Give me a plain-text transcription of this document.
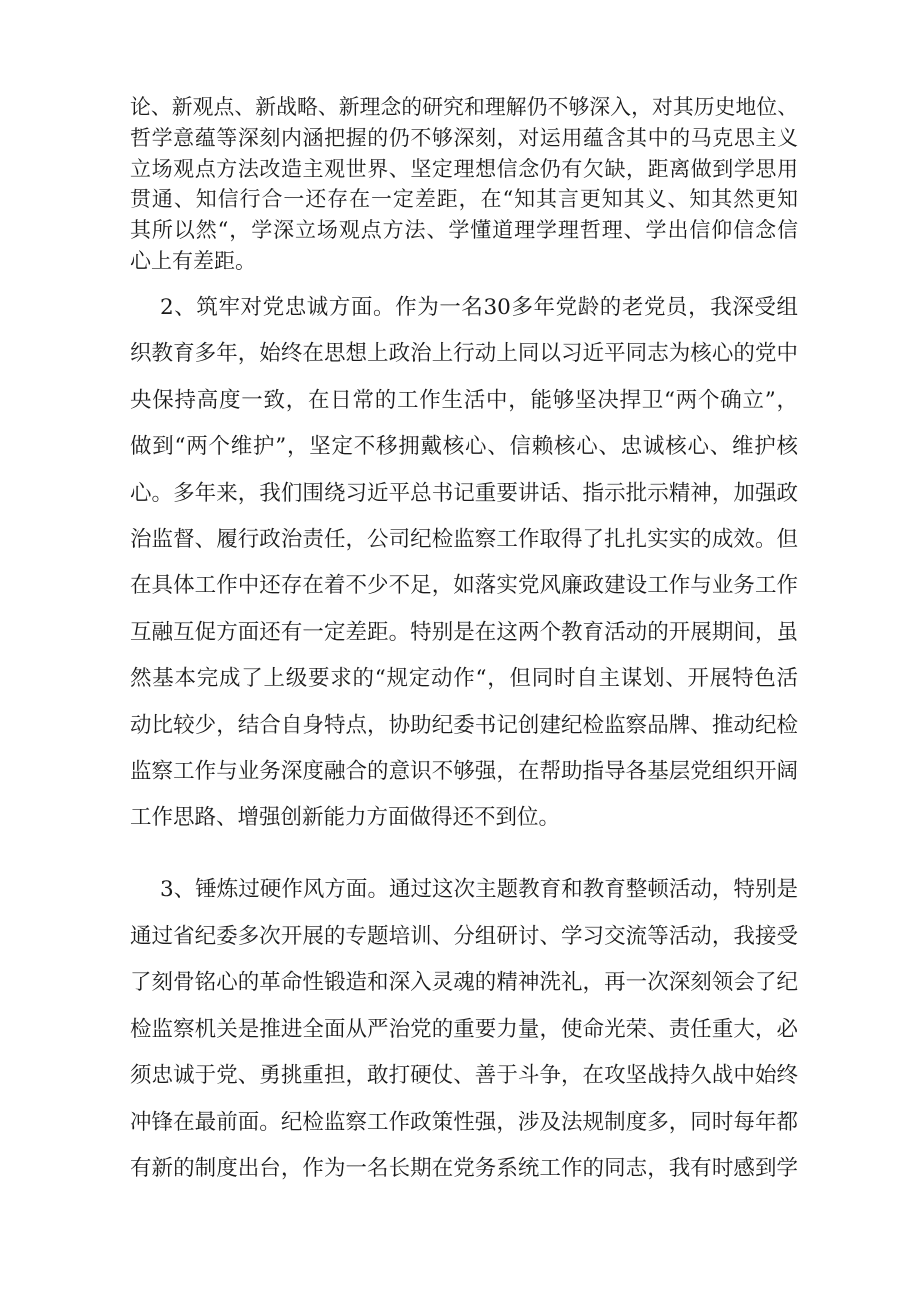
论、新观点、新战略、新理念的研究和理解仍不够深入，对其历史地位、
哲学意蕴等深刻内涵把握的仍不够深刻，对运用蕴含其中的马克思主义
立场观点方法改造主观世界、坚定理想信念仍有欠缺，距离做到学思用
贯通、知信行合一还存在一定差距，在“知其言更知其义、知其然更知
其所以然“，学深立场观点方法、学懂道理学理哲理、学出信仰信念信
心上有差距。
2、筑牢对党忠诚方面。作为一名30多年党龄的老党员，我深受组
织教育多年，始终在思想上政治上行动上同以习近平同志为核心的党中
央保持高度一致，在日常的工作生活中，能够坚决捍卫“两个确立”，
做到“两个维护”，坚定不移拥戴核心、信赖核心、忠诚核心、维护核
心。多年来，我们围绕习近平总书记重要讲话、指示批示精神，加强政
治监督、履行政治责任，公司纪检监察工作取得了扎扎实实的成效。但
在具体工作中还存在着不少不足，如落实党风廉政建设工作与业务工作
互融互促方面还有一定差距。特别是在这两个教育活动的开展期间，虽
然基本完成了上级要求的“规定动作“，但同时自主谋划、开展特色活
动比较少，结合自身特点，协助纪委书记创建纪检监察品牌、推动纪检
监察工作与业务深度融合的意识不够强，在帮助指导各基层党组织开阔
工作思路、增强创新能力方面做得还不到位。
3、锤炼过硬作风方面。通过这次主题教育和教育整顿活动，特别是
通过省纪委多次开展的专题培训、分组研讨、学习交流等活动，我接受
了刻骨铭心的革命性锻造和深入灵魂的精神洗礼，再一次深刻领会了纪
检监察机关是推进全面从严治党的重要力量，使命光荣、责任重大，必
须忠诚于党、勇挑重担，敢打硬仗、善于斗争，在攻坚战持久战中始终
冲锋在最前面。纪检监察工作政策性强，涉及法规制度多，同时每年都
有新的制度出台，作为一名长期在党务系统工作的同志，我有时感到学
